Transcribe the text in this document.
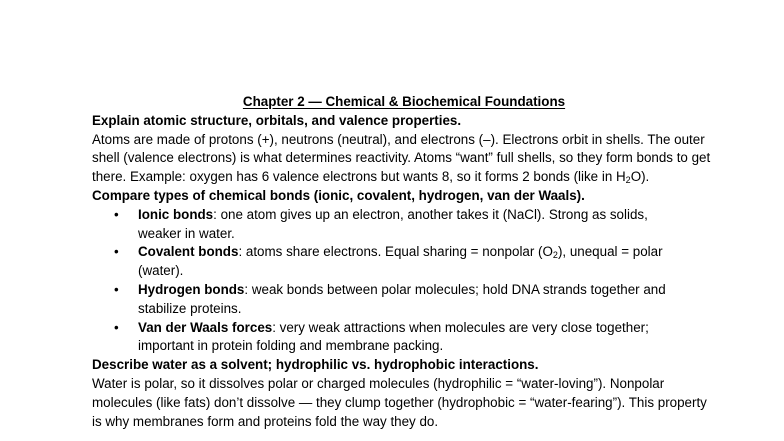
Chapter 2 — Chemical & Biochemical Foundations
Explain atomic structure, orbitals, and valence properties.

Atoms are made of protons (+), neutrons (neutral), and electrons (–). Electrons orbit in shells. The outer shell (valence electrons) is what determines reactivity. Atoms “want” full shells, so they form bonds to get there. Example: oxygen has 6 valence electrons but wants 8, so it forms 2 bonds (like in $H_2O$).

Compare types of chemical bonds (ionic, covalent, hydrogen, van der Waals).
• Ionic bonds: one atom gives up an electron, another takes it (NaCl). Strong as solids, weaker in water.
• Covalent bonds: atoms share electrons. Equal sharing = nonpolar $(O_2)$, unequal = polar (water).
• Hydrogen bonds: weak bonds between polar molecules; hold DNA strands together and stabilize proteins.
• Van der Waals forces: very weak attractions when molecules are very close together; important in protein folding and membrane packing.
Describe water as a solvent; hydrophilic vs. hydrophobic interactions.

Water is polar, so it dissolves polar or charged molecules (hydrophilic = “water-loving”). Nonpolar molecules (like fats) don’t dissolve — they clump together (hydrophobic = “water-fearing”). This property is why membranes form and proteins fold the way they do.
